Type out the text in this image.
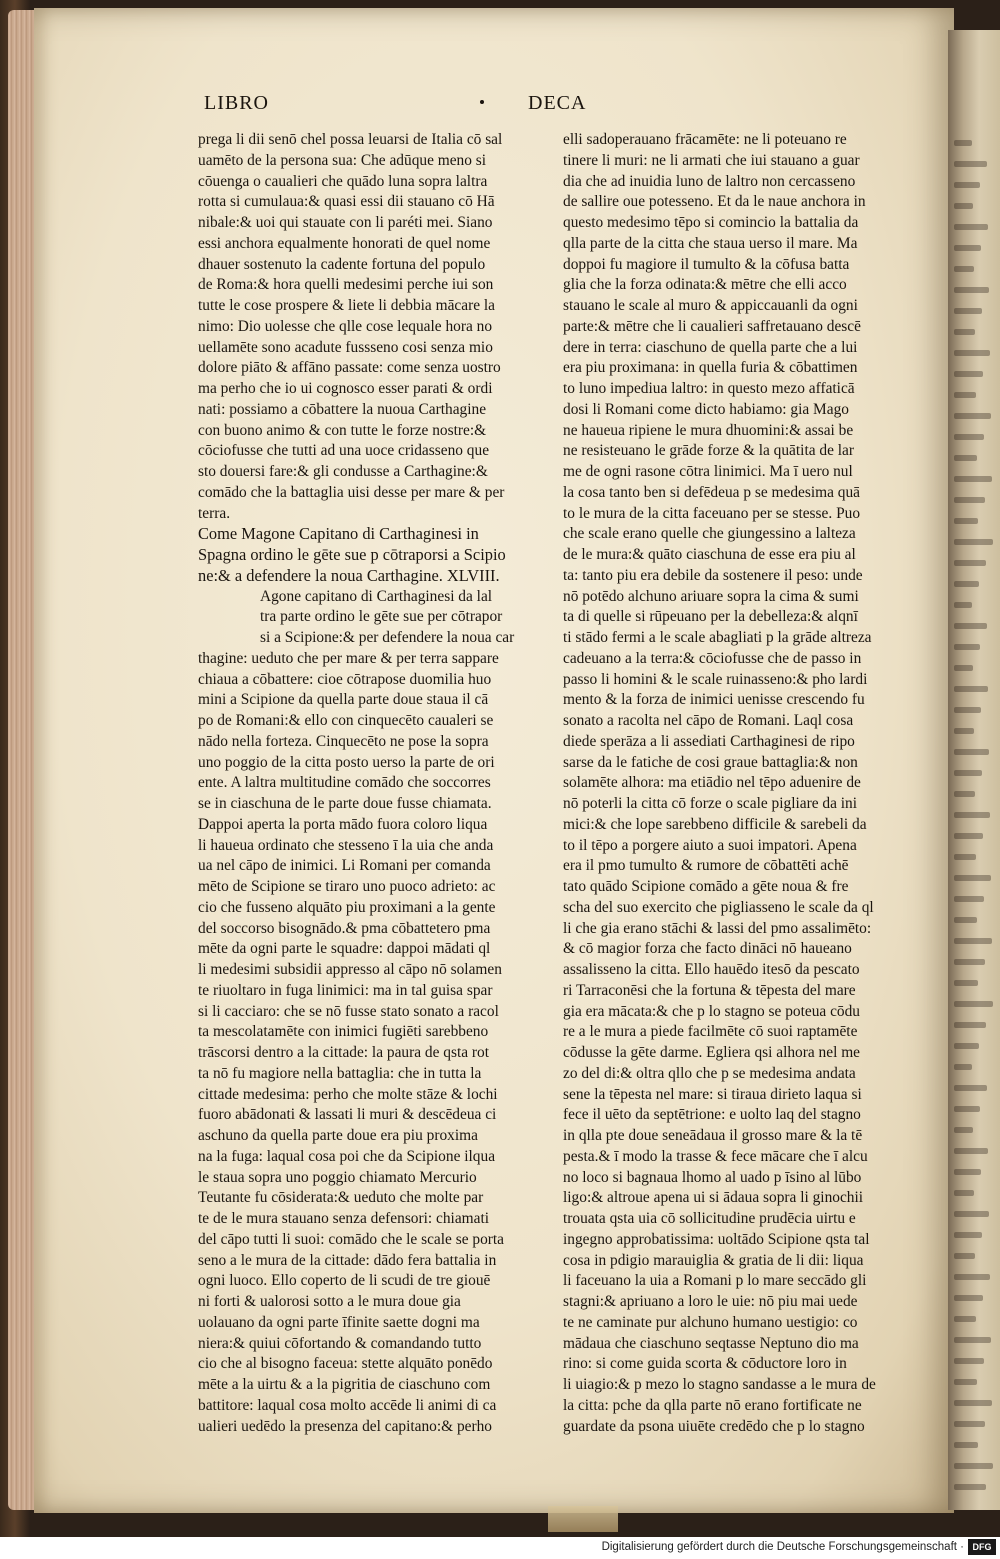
LIBRO	DECA
prega li dii senō chel possa leuarsi de Italia cō sal
uamēto de la persona sua: Che adūque meno si
cōuenga o caualieri che quādo luna sopra laltra
rotta si cumulaua:& quasi essi dii stauano cō Hā
nibale:& uoi qui stauate con li paréti mei. Siano
essi anchora equalmente honorati de quel nome
dhauer sostenuto la cadente fortuna del populo
de Roma:& hora quelli medesimi perche iui son
tutte le cose prospere & liete li debbia mācare la
nimo: Dio uolesse che qlle cose lequale hora no
uellamēte sono acadute fussseno cosi senza mio
dolore piāto & affāno passate: come senza uostro
ma perho che io ui cognosco esser parati & ordi
nati: possiamo a cōbattere la nuoua Carthagine
con buono animo & con tutte le forze nostre:&
cōciofusse che tutti ad una uoce cridasseno que
sto douersi fare:& gli condusse a Carthagine:&
comādo che la battaglia uisi desse per mare & per
terra.
Come Magone Capitano di Carthaginesi in
Spagna ordino le gēte sue p cōtraporsi a Scipio
ne:& a defendere la noua Carthagine. XLVIII.
Agone capitano di Carthaginesi da lal
tra parte ordino le gēte sue per cōtrapor
si a Scipione:& per defendere la noua car
thagine: ueduto che per mare & per terra sappare
chiaua a cōbattere: cioe cōtrapose duomilia huo
mini a Scipione da quella parte doue staua il cā
po de Romani:& ello con cinquecēto caualeri se
nādo nella forteza. Cinquecēto ne pose la sopra
uno poggio de la citta posto uerso la parte de ori
ente. A laltra multitudine comādo che soccorres
se in ciaschuna de le parte doue fusse chiamata.
Dappoi aperta la porta mādo fuora coloro liqua
li haueua ordinato che stesseno ī la uia che anda
ua nel cāpo de inimici. Li Romani per comanda
mēto de Scipione se tiraro uno puoco adrieto: ac
cio che fusseno alquāto piu proximani a la gente
del soccorso bisognādo.& pma cōbattetero pma
mēte da ogni parte le squadre: dappoi mādati ql
li medesimi subsidii appresso al cāpo nō solamen
te riuoltaro in fuga linimici: ma in tal guisa spar
si li cacciaro: che se nō fusse stato sonato a racol
ta mescolatamēte con inimici fugiēti sarebbeno
trāscorsi dentro a la cittade: la paura de qsta rot
ta nō fu magiore nella battaglia: che in tutta la
cittade medesima: perho che molte stāze & lochi
fuoro abādonati & lassati li muri & descēdeua ci
aschuno da quella parte doue era piu proxima
na la fuga: laqual cosa poi che da Scipione ilqua
le staua sopra uno poggio chiamato Mercurio
Teutante fu cōsiderata:& ueduto che molte par
te de le mura stauano senza defensori: chiamati
del cāpo tutti li suoi: comādo che le scale se porta
seno a le mura de la cittade: dādo fera battalia in
ogni luoco. Ello coperto de li scudi de tre giouē
ni forti & ualorosi sotto a le mura doue gia
uolauano da ogni parte īfinite saette dogni ma
niera:& quiui cōfortando & comandando tutto
cio che al bisogno faceua: stette alquāto ponēdo
mēte a la uirtu & a la pigritia de ciaschuno com
battitore: laqual cosa molto accēde li animi di ca
ualieri uedēdo la presenza del capitano:& perho
elli sadoperauano frācamēte: ne li poteuano re
tinere li muri: ne li armati che iui stauano a guar
dia che ad inuidia luno de laltro non cercasseno
de sallire oue potesseno. Et da le naue anchora in
questo medesimo tēpo si comincio la battalia da
qlla parte de la citta che staua uerso il mare. Ma
doppoi fu magiore il tumulto & la cōfusa batta
glia che la forza odinata:& mētre che elli acco
stauano le scale al muro & appiccauanli da ogni
parte:& mētre che li caualieri saffretauano descē
dere in terra: ciaschuno de quella parte che a lui
era piu proximana: in quella furia & cōbattimen
to luno impediua laltro: in questo mezo affaticā
dosi li Romani come dicto habiamo: gia Mago
ne haueua ripiene le mura dhuomini:& assai be
ne resisteuano le grāde forze & la quātita de lar
me de ogni rasone cōtra linimici. Ma ī uero nul
la cosa tanto ben si defēdeua p se medesima quā
to le mura de la citta faceuano per se stesse. Puo
che scale erano quelle che giungessino a lalteza
de le mura:& quāto ciaschuna de esse era piu al
ta: tanto piu era debile da sostenere il peso: unde
nō potēdo alchuno ariuare sopra la cima & sumi
ta di quelle si rūpeuano per la debelleza:& alqnī
ti stādo fermi a le scale abagliati p la grāde altreza
cadeuano a la terra:& cōciofusse che de passo in
passo li homini & le scale ruinasseno:& pho lardi
mento & la forza de inimici uenisse crescendo fu
sonato a racolta nel cāpo de Romani. Laql cosa
diede sperāza a li assediati Carthaginesi de ripo
sarse da le fatiche de cosi graue battaglia:& non
solamēte alhora: ma etiādio nel tēpo aduenire de
nō poterli la citta cō forze o scale pigliare da ini
mici:& che lope sarebbeno difficile & sarebeli da
to il tēpo a porgere aiuto a suoi impatori. Apena
era il pmo tumulto & rumore de cōbattēti achē
tato quādo Scipione comādo a gēte noua & fre
scha del suo exercito che pigliasseno le scale da ql
li che gia erano stāchi & lassi del pmo assalimēto:
& cō magior forza che facto dināci nō haueano
assalisseno la citta. Ello hauēdo itesō da pescato
ri Tarraconēsi che la fortuna & tēpesta del mare
gia era mācata:& che p lo stagno se poteua cōdu
re a le mura a piede facilmēte cō suoi raptamēte
cōdusse la gēte darme. Egliera qsi alhora nel me
zo del di:& oltra qllo che p se medesima andata
sene la tēpesta nel mare: si tiraua dirieto laqua si
fece il uēto da septētrione: e uolto laq del stagno
in qlla pte doue seneādaua il grosso mare & la tē
pesta.& ī modo la trasse & fece mācare che ī alcu
no loco si bagnaua lhomo al uado p īsino al lūbo
ligo:& altroue apena ui si ādaua sopra li ginochii
trouata qsta uia cō sollicitudine prudēcia uirtu e
ingegno approbatissima: uoltādo Scipione qsta tal
cosa in pdigio marauiglia & gratia de li dii: liqua
li faceuano la uia a Romani p lo mare seccādo gli
stagni:& apriuano a loro le uie: nō piu mai uede
te ne caminate pur alchuno humano uestigio: co
mādaua che ciaschuno seqtasse Neptuno dio ma
rino: si come guida scorta & cōductore loro in
li uiagio:& p mezo lo stagno sandasse a le mura de
la citta: pche da qlla parte nō erano fortificate ne
guardate da psona uiuēte credēdo che p lo stagno
Digitalisierung gefördert durch die Deutsche Forschungsgemeinschaft · DFG
